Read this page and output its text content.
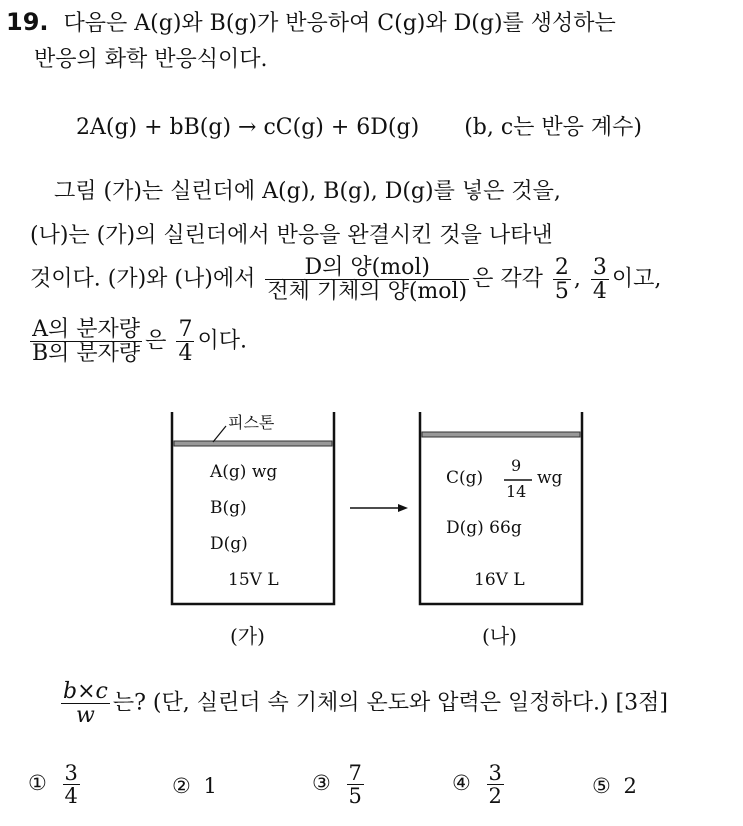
19. 다음은 A(g)와 B(g)가 반응하여 C(g)와 D(g)를 생성하는
반응의 화학 반응식이다.
2A(g) + bB(g) → cC(g) + 6D(g) (b, c는 반응 계수)
그림 (가)는 실린더에 A(g), B(g), D(g)를 넣은 것을,
(나)는 (가)의 실린더에서 반응을 완결시킨 것을 나타낸
것이다. (가)와 (나)에서 $\frac{\text{D의 양(mol)}}{\text{전체 기체의 양(mol)}}$ 은 각각 $\frac{2}{5}$ , $\frac{3}{4}$ 이고,
$\frac{\text{A의 분자량}}{\text{B의 분자량}}$ 은 $\frac{7}{4}$ 이다.
피스톤
A(g) wg
B(g)
D(g)
15V L
(가)
C(g)
9
14
wg
D(g) 66g
16V L
(나)
$\frac{b\times c}{w}$ 는? (단, 실린더 속 기체의 온도와 압력은 일정하다.) [3점]
① $\frac{3}{4}$	② 1	③ $\frac{7}{5}$	④ $\frac{3}{2}$	⑤ 2
